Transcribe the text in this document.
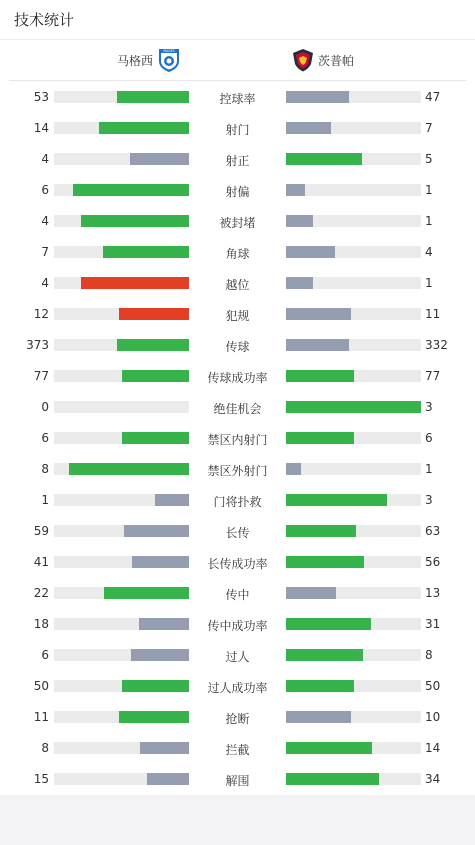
技术统计
马格西
MAGES
茨普帕
53	控球率	47
14	射门	7
4	射正	5
6	射偏	1
4	被封堵	1
7	角球	4
4	越位	1
12	犯规	11
373	传球	332
77	传球成功率	77
0	绝佳机会	3
6	禁区内射门	6
8	禁区外射门	1
1	门将扑救	3
59	长传	63
41	长传成功率	56
22	传中	13
18	传中成功率	31
6	过人	8
50	过人成功率	50
11	抢断	10
8	拦截	14
15	解围	34
